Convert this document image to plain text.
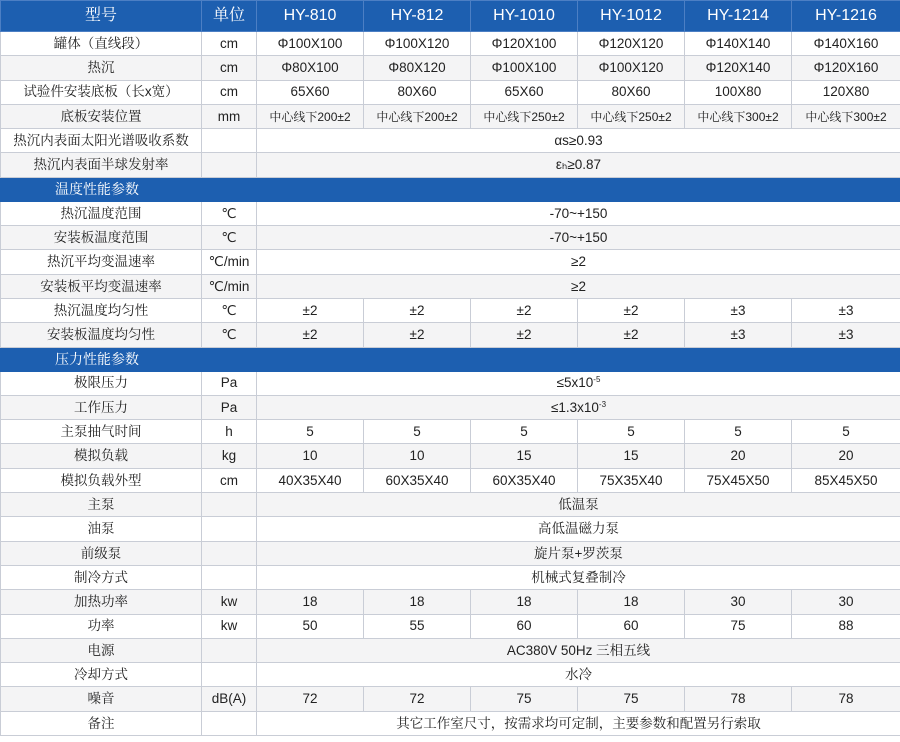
型号	单位	HY-810	HY-812	HY-1010	HY-1012	HY-1214	HY-1216
罐体（直线段）	cm	Φ100X100	Φ100X120	Φ120X100	Φ120X120	Φ140X140	Φ140X160
热沉	cm	Φ80X100	Φ80X120	Φ100X100	Φ100X120	Φ120X140	Φ120X160
试验件安装底板（长x宽）	cm	65X60	80X60	65X60	80X60	100X80	120X80
底板安装位置	mm	中心线下200±2	中心线下200±2	中心线下250±2	中心线下250±2	中心线下300±2	中心线下300±2
热沉内表面太阳光谱吸收系数		αs≥0.93					
热沉内表面半球发射率		εₕ≥0.87					
温度性能参数							
热沉温度范围	℃	-70~+150					
安装板温度范围	℃	-70~+150					
热沉平均变温速率	℃/min	≥2					
安装板平均变温速率	℃/min	≥2					
热沉温度均匀性	℃	±2	±2	±2	±2	±3	±3
安装板温度均匀性	℃	±2	±2	±2	±2	±3	±3
压力性能参数							
极限压力	Pa	$\le 5x10^{-5}$
工作压力	Pa	$\le 1.3x10^{-3}$
主泵抽气时间	h	5	5	5	5	5	5
模拟负载	kg	10	10	15	15	20	20
模拟负载外型	cm	40X35X40	60X35X40	60X35X40	75X35X40	75X45X50	85X45X50
主泵		低温泵					
油泵		高低温磁力泵					
前级泵		旋片泵+罗茨泵					
制冷方式		机械式复叠制冷					
加热功率	kw	18	18	18	18	30	30
功率	kw	50	55	60	60	75	88
电源		AC380V 50Hz 三相五线					
冷却方式		水冷					
噪音	dB(A)	72	72	75	75	78	78
备注		其它工作室尺寸，按需求均可定制，主要参数和配置另行索取					
